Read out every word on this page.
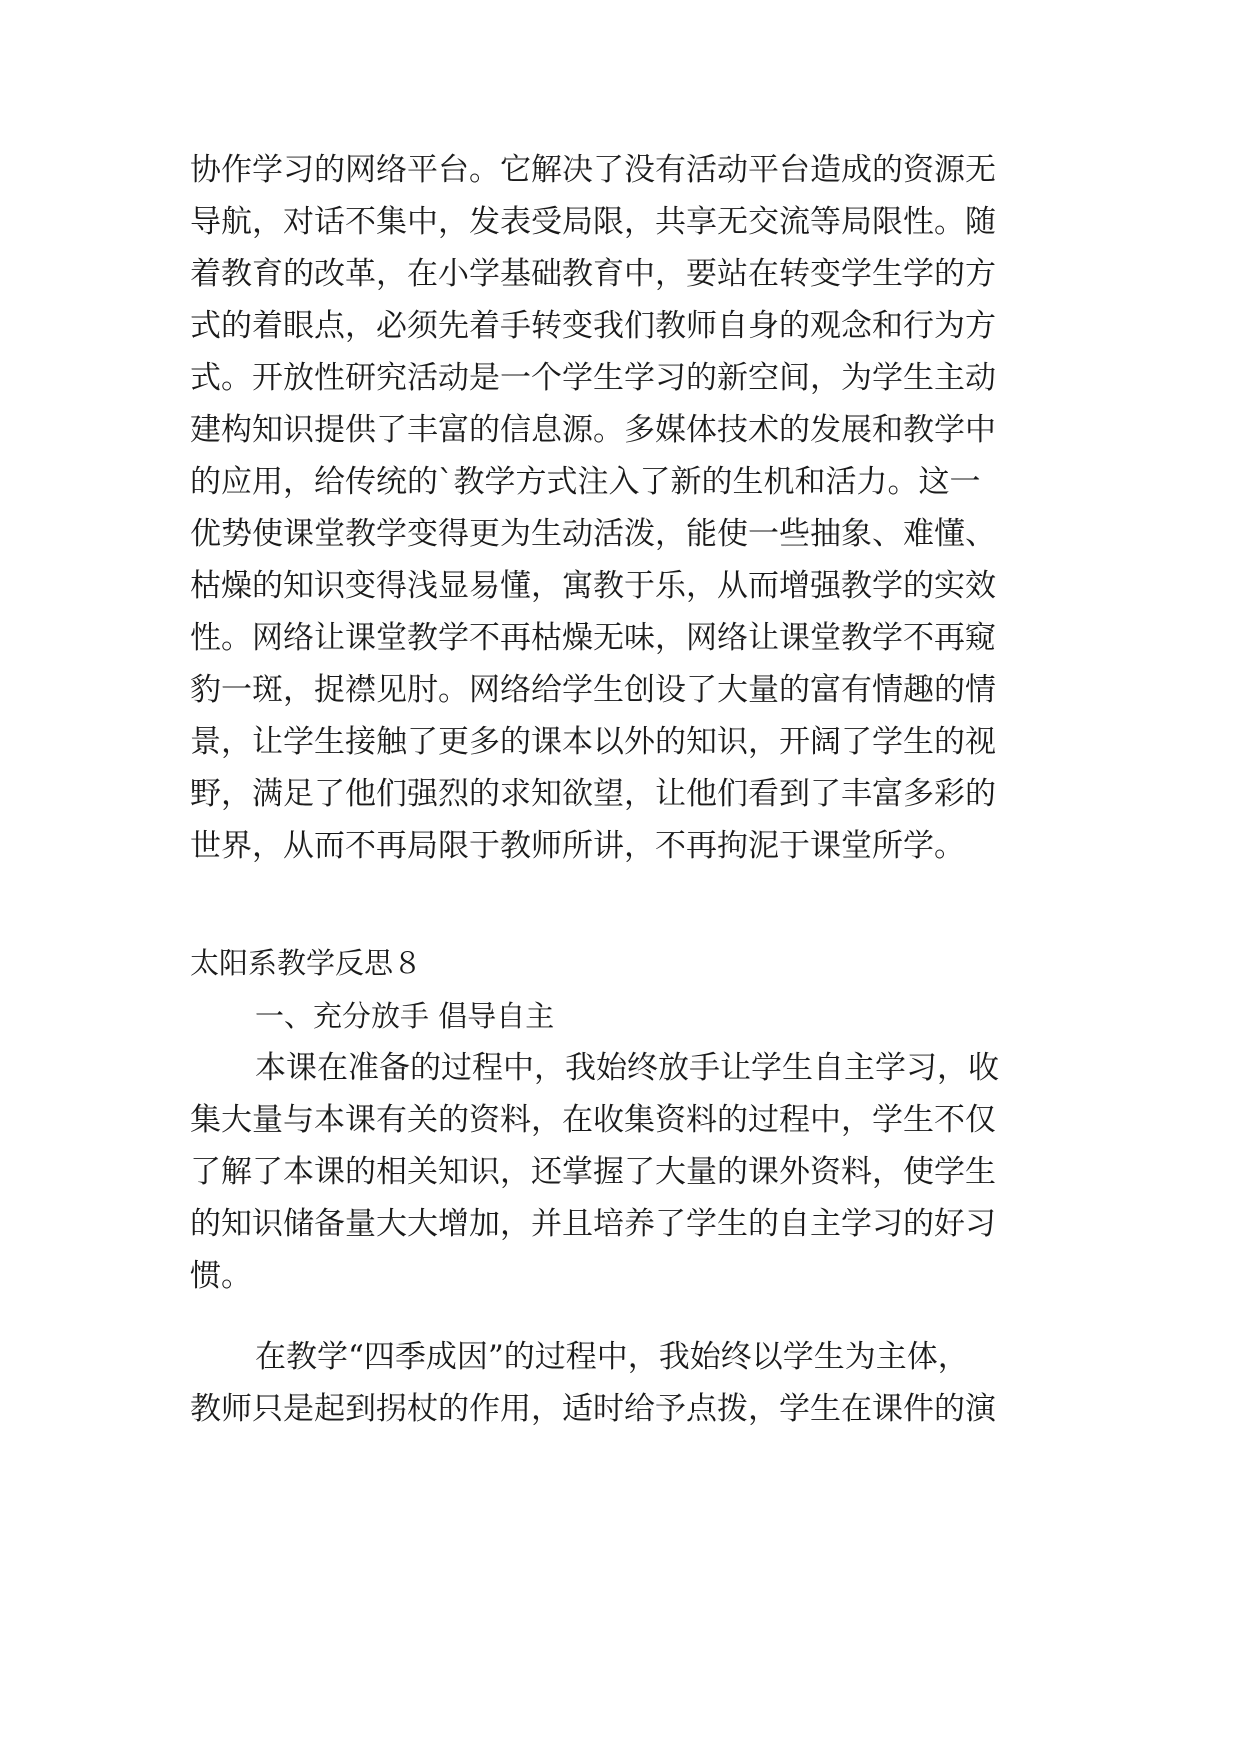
协作学习的网络平台。它解决了没有活动平台造成的资源无
导航，对话不集中，发表受局限，共享无交流等局限性。随
着教育的改革，在小学基础教育中，要站在转变学生学的方
式的着眼点，必须先着手转变我们教师自身的观念和行为方
式。开放性研究活动是一个学生学习的新空间，为学生主动
建构知识提供了丰富的信息源。多媒体技术的发展和教学中
的应用，给传统的`教学方式注入了新的生机和活力。这一
优势使课堂教学变得更为生动活泼，能使一些抽象、难懂、
枯燥的知识变得浅显易懂，寓教于乐，从而增强教学的实效
性。网络让课堂教学不再枯燥无味，网络让课堂教学不再窥
豹一斑，捉襟见肘。网络给学生创设了大量的富有情趣的情
景，让学生接触了更多的课本以外的知识，开阔了学生的视
野，满足了他们强烈的求知欲望，让他们看到了丰富多彩的
世界，从而不再局限于教师所讲，不再拘泥于课堂所学。
太阳系教学反思８
一、充分放手 倡导自主
本课在准备的过程中，我始终放手让学生自主学习，收
集大量与本课有关的资料，在收集资料的过程中，学生不仅
了解了本课的相关知识，还掌握了大量的课外资料，使学生
的知识储备量大大增加，并且培养了学生的自主学习的好习
惯。
在教学“四季成因”的过程中，我始终以学生为主体，
教师只是起到拐杖的作用，适时给予点拨，学生在课件的演
